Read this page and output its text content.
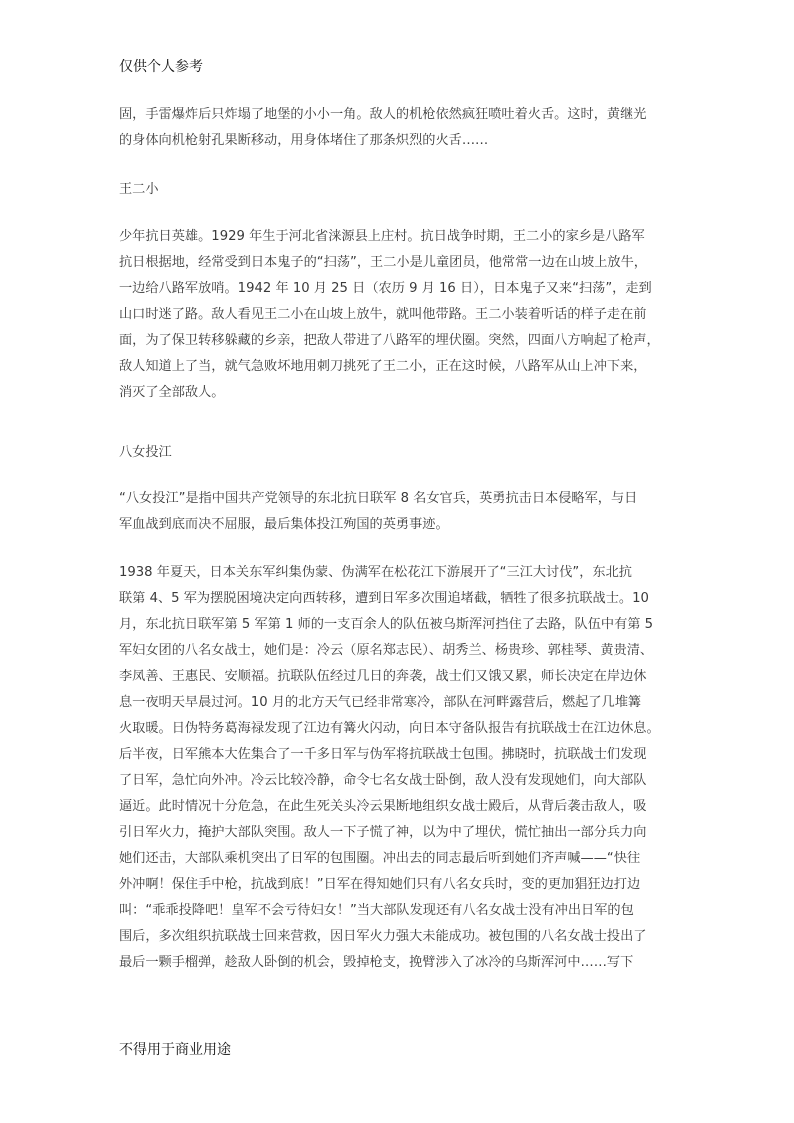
仅供个人参考
固，手雷爆炸后只炸塌了地堡的小小一角。敌人的机枪依然疯狂喷吐着火舌。这时，黄继光
的身体向机枪射孔果断移动，用身体堵住了那条炽烈的火舌……
王二小
少年抗日英雄。1929 年生于河北省涞源县上庄村。抗日战争时期，王二小的家乡是八路军
抗日根据地，经常受到日本鬼子的“扫荡”，王二小是儿童团员，他常常一边在山坡上放牛，
一边给八路军放哨。1942 年 10 月 25 日（农历 9 月 16 日），日本鬼子又来“扫荡”，走到
山口时迷了路。敌人看见王二小在山坡上放牛，就叫他带路。王二小装着听话的样子走在前
面，为了保卫转移躲藏的乡亲，把敌人带进了八路军的埋伏圈。突然，四面八方响起了枪声，
敌人知道上了当，就气急败坏地用刺刀挑死了王二小，正在这时候，八路军从山上冲下来，
消灭了全部敌人。
八女投江
“八女投江”是指中国共产党领导的东北抗日联军 8 名女官兵，英勇抗击日本侵略军，与日
军血战到底而决不屈服，最后集体投江殉国的英勇事迹。
1938 年夏天，日本关东军纠集伪蒙、伪满军在松花江下游展开了“三江大讨伐”，东北抗
联第 4、5 军为摆脱困境决定向西转移，遭到日军多次围追堵截，牺牲了很多抗联战士。10
月，东北抗日联军第 5 军第 1 师的一支百余人的队伍被乌斯浑河挡住了去路，队伍中有第 5
军妇女团的八名女战士，她们是：冷云（原名郑志民）、胡秀兰、杨贵珍、郭桂琴、黄贵清、
李凤善、王惠民、安顺福。抗联队伍经过几日的奔袭，战士们又饿又累，师长决定在岸边休
息一夜明天早晨过河。10 月的北方天气已经非常寒冷，部队在河畔露营后，燃起了几堆篝
火取暖。日伪特务葛海禄发现了江边有篝火闪动，向日本守备队报告有抗联战士在江边休息。
后半夜，日军熊本大佐集合了一千多日军与伪军将抗联战士包围。拂晓时，抗联战士们发现
了日军，急忙向外冲。冷云比较冷静，命令七名女战士卧倒，敌人没有发现她们，向大部队
逼近。此时情况十分危急，在此生死关头冷云果断地组织女战士殿后，从背后袭击敌人，吸
引日军火力，掩护大部队突围。敌人一下子慌了神，以为中了埋伏，慌忙抽出一部分兵力向
她们还击，大部队乘机突出了日军的包围圈。冲出去的同志最后听到她们齐声喊——“快往
外冲啊！保住手中枪，抗战到底！”日军在得知她们只有八名女兵时，变的更加猖狂边打边
叫：“乖乖投降吧！皇军不会亏待妇女！”当大部队发现还有八名女战士没有冲出日军的包
围后，多次组织抗联战士回来营救，因日军火力强大未能成功。被包围的八名女战士投出了
最后一颗手榴弹，趁敌人卧倒的机会，毁掉枪支，挽臂涉入了冰冷的乌斯浑河中……写下
不得用于商业用途
